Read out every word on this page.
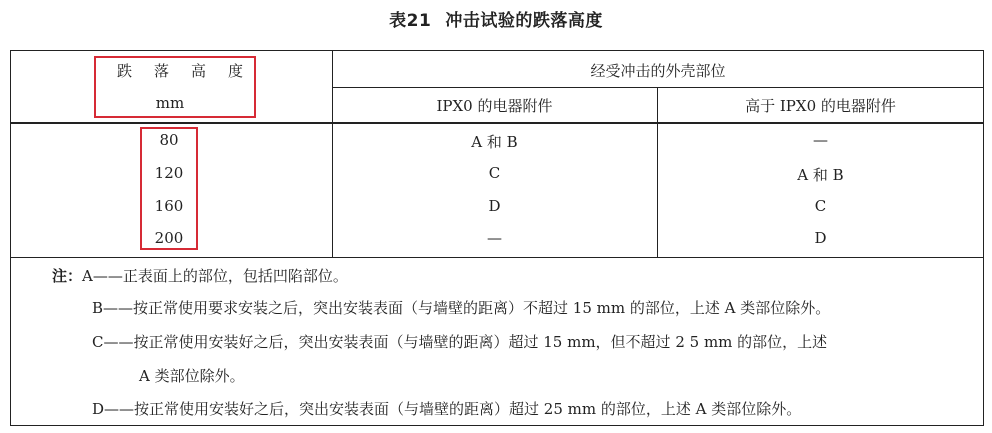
表21 冲击试验的跌落高度
跌落高度
mm
经受冲击的外壳部位
IPX0 的电器附件	高于 IPX0 的电器附件
80	A 和 B	—
120	C	A 和 B
160	D	C
200	—	D
注：A——正表面上的部位，包括凹陷部位。
B——按正常使用要求安装之后，突出安装表面（与墙壁的距离）不超过 15 mm 的部位，上述 A 类部位除外。
C——按正常使用安装好之后，突出安装表面（与墙壁的距离）超过 15 mm，但不超过 2 5 mm 的部位，上述
A 类部位除外。
D——按正常使用安装好之后，突出安装表面（与墙壁的距离）超过 25 mm 的部位，上述 A 类部位除外。
